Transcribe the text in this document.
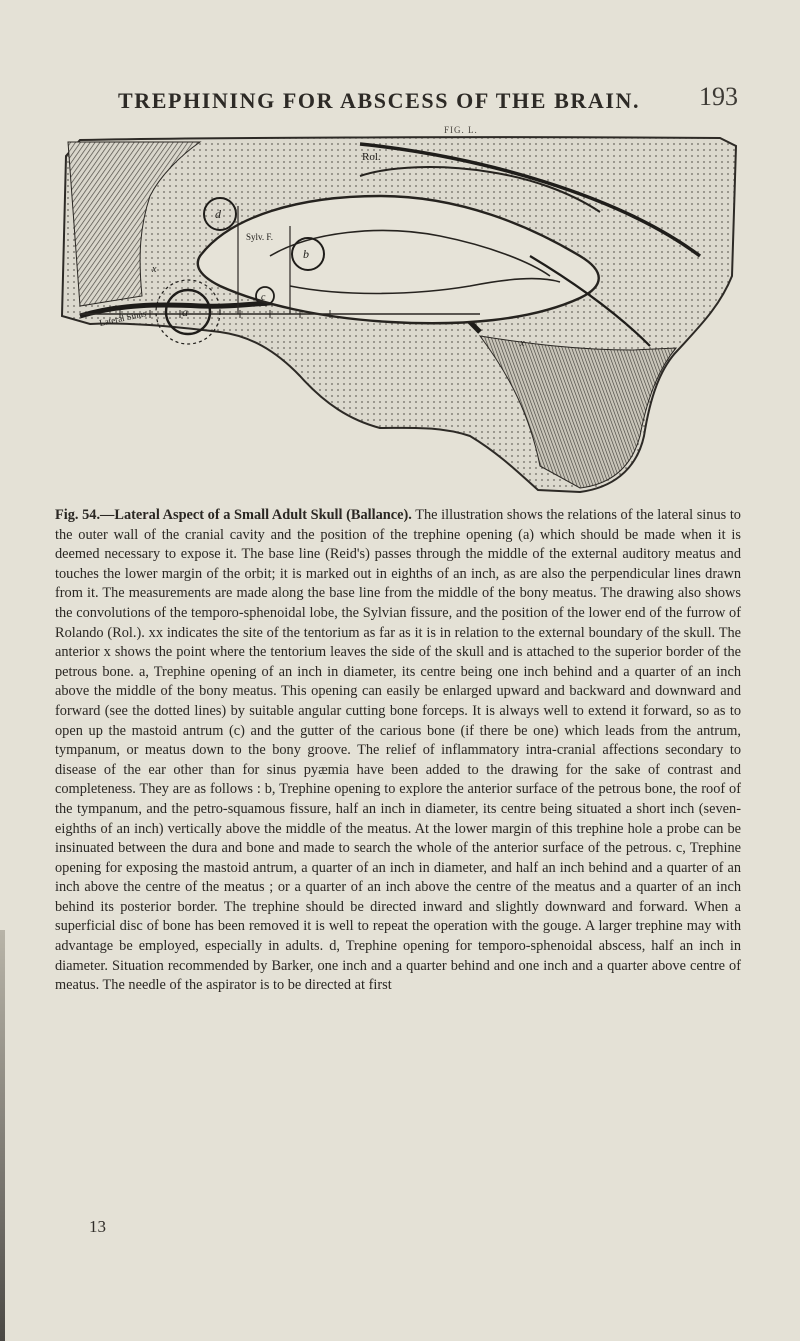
TREPHINING FOR ABSCESS OF THE BRAIN. 193
FIG. L.
Rol.
Sylv. F.
Lateral Sinus	a
b
c
d
x
x
Fig. 54.—Lateral Aspect of a Small Adult Skull (Ballance). The illustration shows the relations of the lateral sinus to the outer wall of the cranial cavity and the position of the trephine opening (a) which should be made when it is deemed necessary to expose it. The base line (Reid's) passes through the middle of the external auditory meatus and touches the lower margin of the orbit; it is marked out in eighths of an inch, as are also the perpendicular lines drawn from it. The measurements are made along the base line from the middle of the bony meatus. The drawing also shows the convolutions of the temporo-sphenoidal lobe, the Sylvian fissure, and the position of the lower end of the furrow of Rolando (Rol.). xx indicates the site of the tentorium as far as it is in relation to the external boundary of the skull. The anterior x shows the point where the tentorium leaves the side of the skull and is attached to the superior border of the petrous bone. a, Trephine opening of an inch in diameter, its centre being one inch behind and a quarter of an inch above the middle of the bony meatus. This opening can easily be enlarged upward and backward and downward and forward (see the dotted lines) by suitable angular cutting bone forceps. It is always well to extend it forward, so as to open up the mastoid antrum (c) and the gutter of the carious bone (if there be one) which leads from the antrum, tympanum, or meatus down to the bony groove. The relief of inflammatory intra-cranial affections secondary to disease of the ear other than for sinus pyæmia have been added to the drawing for the sake of contrast and completeness. They are as follows : b, Trephine opening to explore the anterior surface of the petrous bone, the roof of the tympanum, and the petro-squamous fissure, half an inch in diameter, its centre being situated a short inch (seven-eighths of an inch) vertically above the middle of the meatus. At the lower margin of this trephine hole a probe can be insinuated between the dura and bone and made to search the whole of the anterior surface of the petrous. c, Trephine opening for exposing the mastoid antrum, a quarter of an inch in diameter, and half an inch behind and a quarter of an inch above the centre of the meatus ; or a quarter of an inch above the centre of the meatus and a quarter of an inch behind its posterior border. The trephine should be directed inward and slightly downward and forward. When a superficial disc of bone has been removed it is well to repeat the operation with the gouge. A larger trephine may with advantage be employed, especially in adults. d, Trephine opening for temporo-sphenoidal abscess, half an inch in diameter. Situation recommended by Barker, one inch and a quarter behind and one inch and a quarter above centre of meatus. The needle of the aspirator is to be directed at first
13
